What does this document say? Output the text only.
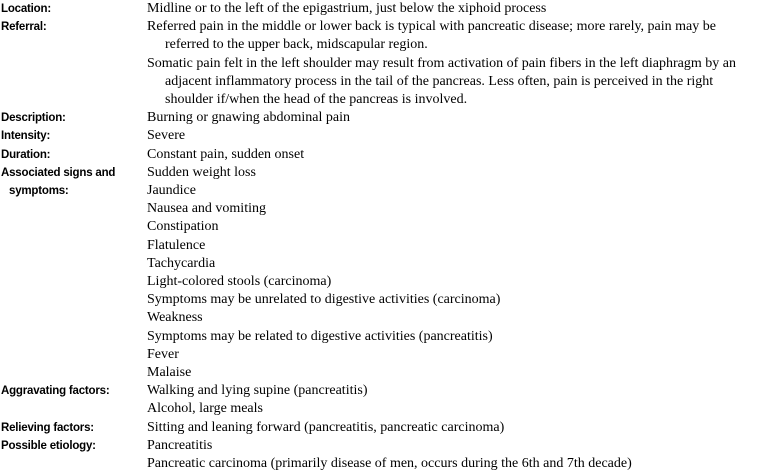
Location:	Midline or to the left of the epigastrium, just below the xiphoid process
Referral:	Referred pain in the middle or lower back is typical with pancreatic disease; more rarely, pain may be referred to the upper back, midscapular region.
Somatic pain felt in the left shoulder may result from activation of pain fibers in the left diaphragm by an adjacent inflammatory process in the tail of the pancreas. Less often, pain is perceived in the right shoulder if/when the head of the pancreas is involved.
Description:	Burning or gnawing abdominal pain
Intensity:	Severe
Duration:	Constant pain, sudden onset
Associated signs and
symptoms:
Sudden weight loss
Jaundice
Nausea and vomiting
Constipation
Flatulence
Tachycardia
Light-colored stools (carcinoma)
Symptoms may be unrelated to digestive activities (carcinoma)
Weakness
Symptoms may be related to digestive activities (pancreatitis)
Fever
Malaise
Aggravating factors:	Walking and lying supine (pancreatitis)
Alcohol, large meals
Relieving factors:	Sitting and leaning forward (pancreatitis, pancreatic carcinoma)
Possible etiology:	Pancreatitis
Pancreatic carcinoma (primarily disease of men, occurs during the 6th and 7th decade)
